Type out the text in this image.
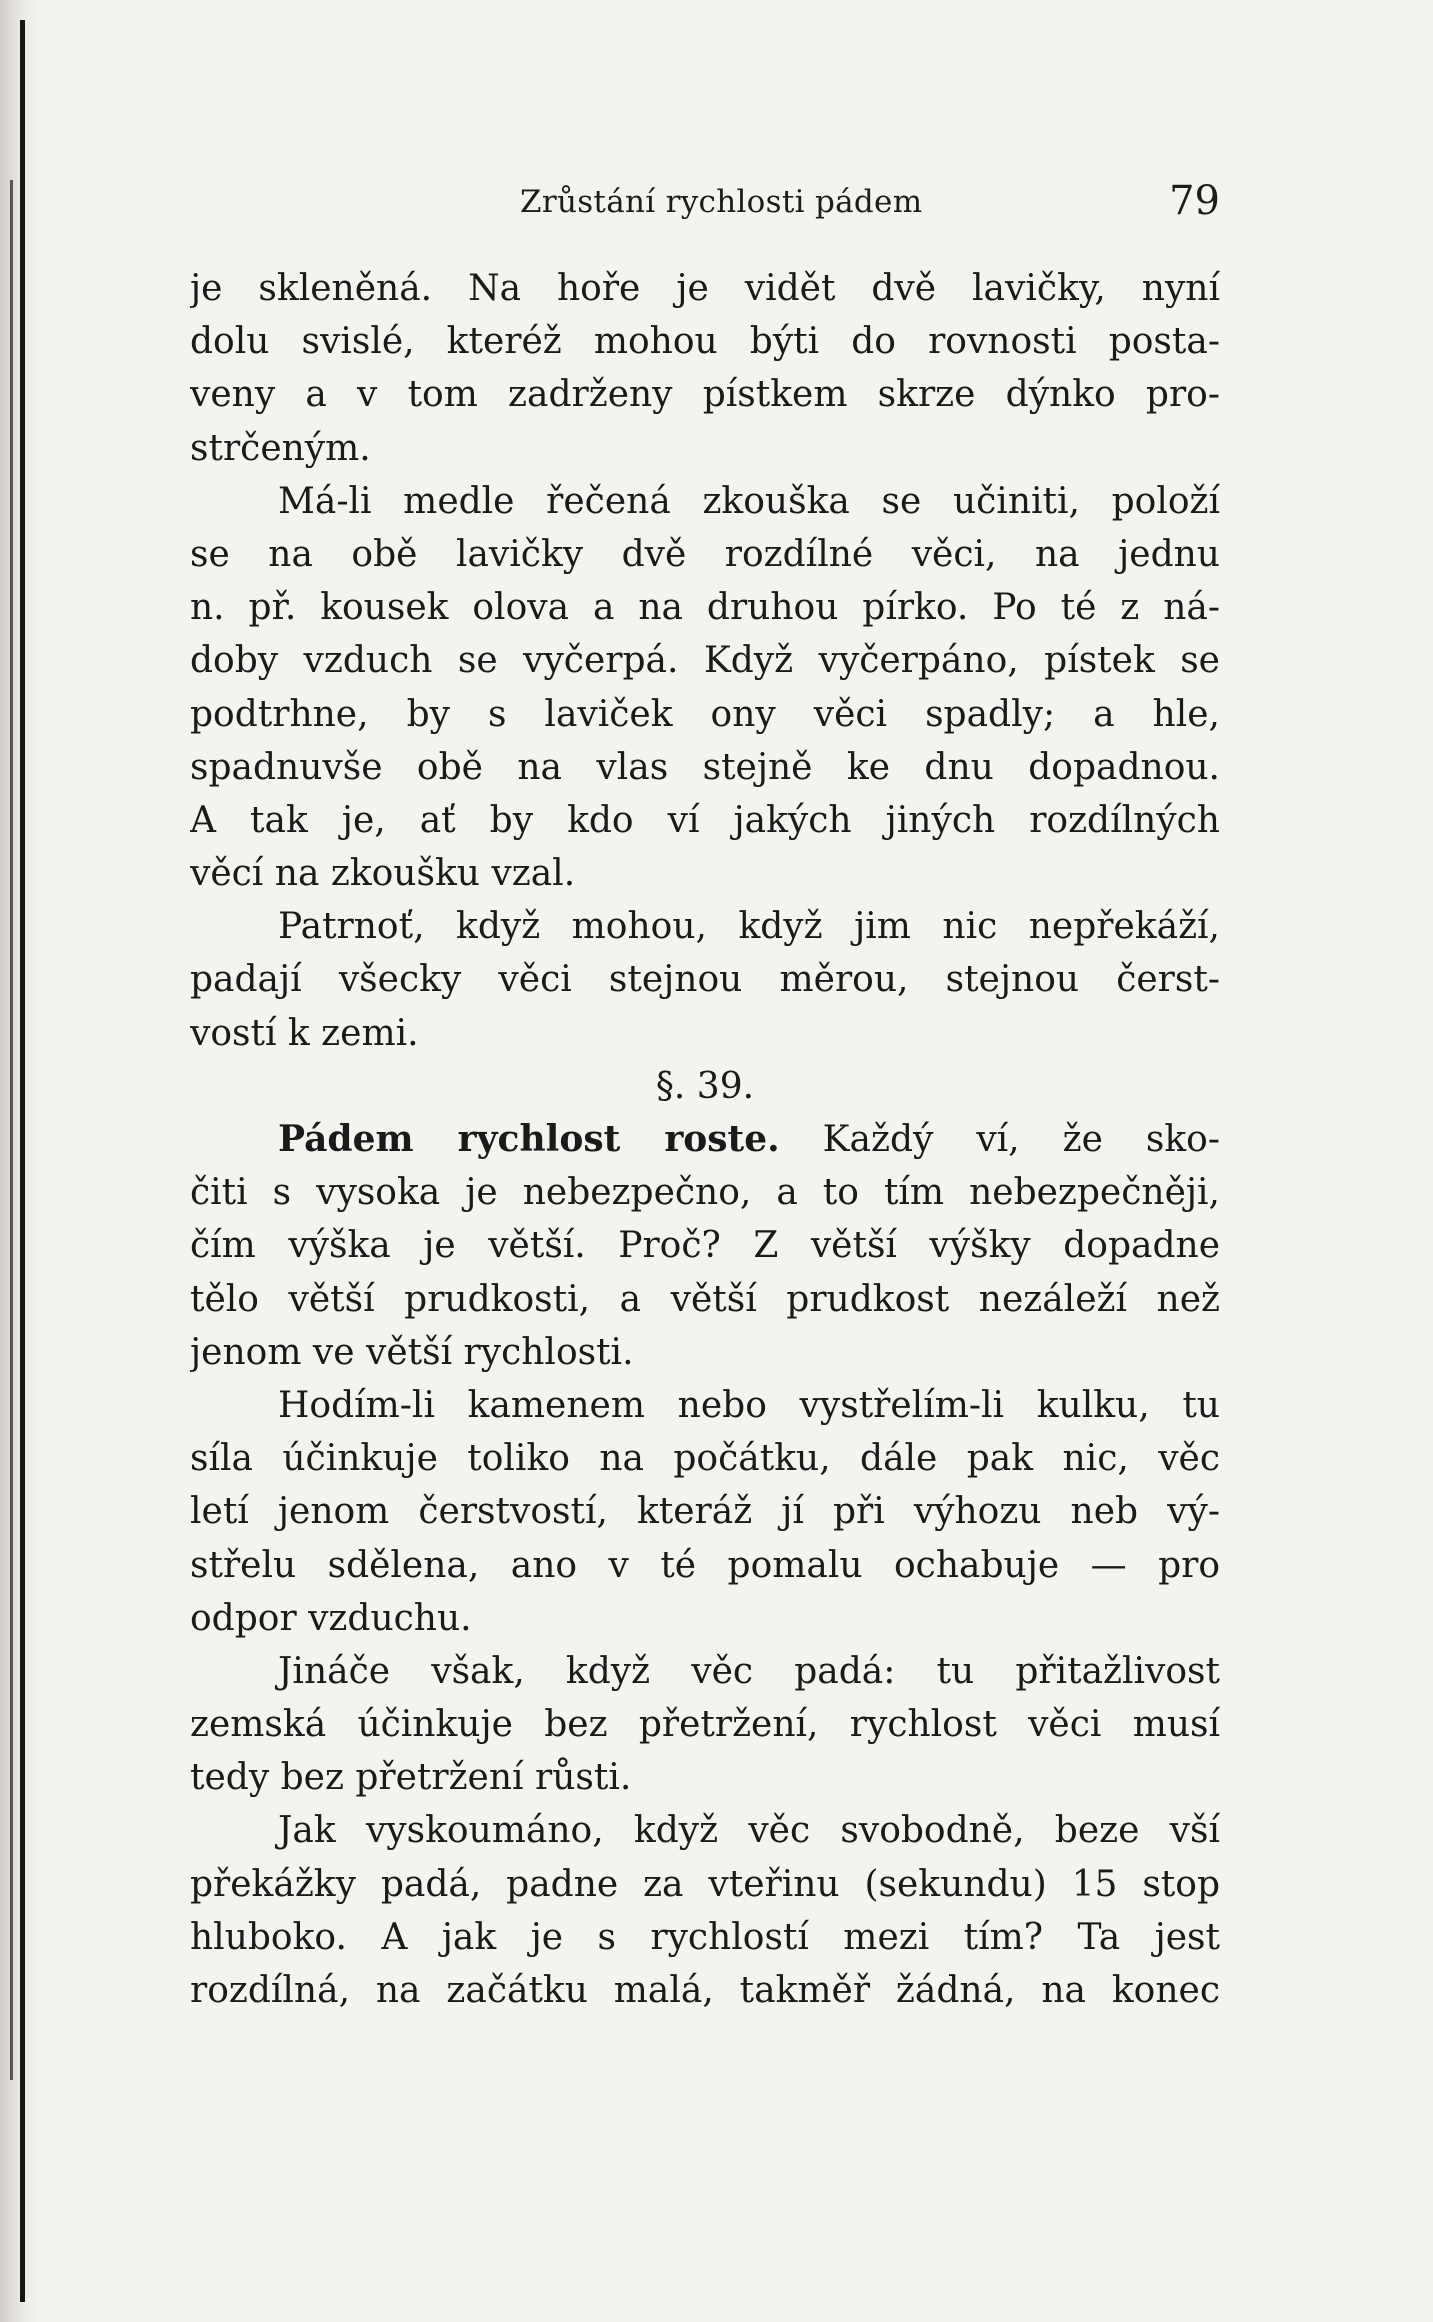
Zrůstání rychlosti pádem	79
je skleněná. Na hoře je vidět dvě lavičky, nyní
dolu svislé, kteréž mohou býti do rovnosti posta-
veny a v tom zadrženy pístkem skrze dýnko pro-
strčeným.
Má-li medle řečená zkouška se učiniti, položí
se na obě lavičky dvě rozdílné věci, na jednu
n. př. kousek olova a na druhou pírko. Po té z ná-
doby vzduch se vyčerpá. Když vyčerpáno, pístek se
podtrhne, by s laviček ony věci spadly; a hle,
spadnuvše obě na vlas stejně ke dnu dopadnou.
A tak je, ať by kdo ví jakých jiných rozdílných
věcí na zkoušku vzal.
Patrnoť, když mohou, když jim nic nepřekáží,
padají všecky věci stejnou měrou, stejnou čerst-
vostí k zemi.
§. 39.
Pádem rychlost roste. Každý ví, že sko-
čiti s vysoka je nebezpečno, a to tím nebezpečněji,
čím výška je větší. Proč? Z větší výšky dopadne
tělo větší prudkosti, a větší prudkost nezáleží než
jenom ve větší rychlosti.
Hodím-li kamenem nebo vystřelím-li kulku, tu
síla účinkuje toliko na počátku, dále pak nic, věc
letí jenom čerstvostí, kteráž jí při výhozu neb vý-
střelu sdělena, ano v té pomalu ochabuje — pro
odpor vzduchu.
Jináče však, když věc padá: tu přitažlivost
zemská účinkuje bez přetržení, rychlost věci musí
tedy bez přetržení růsti.
Jak vyskoumáno, když věc svobodně, beze vší
překážky padá, padne za vteřinu (sekundu) 15 stop
hluboko. A jak je s rychlostí mezi tím? Ta jest
rozdílná, na začátku malá, takměř žádná, na konec
